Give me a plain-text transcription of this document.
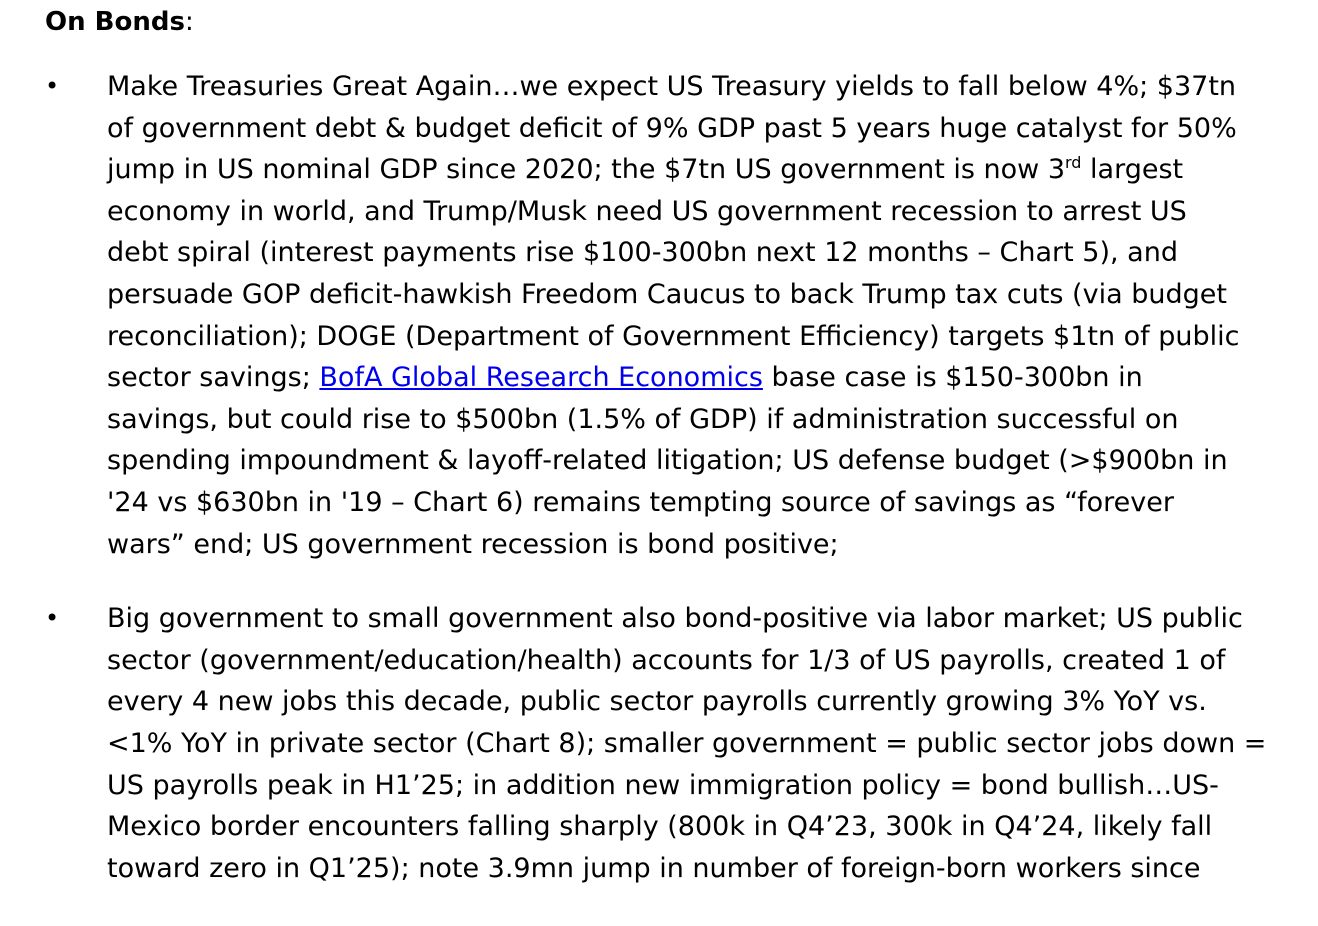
On Bonds:
• Make Treasuries Great Again…we expect US Treasury yields to fall below 4%; $37tn
of government debt & budget deficit of 9% GDP past 5 years huge catalyst for 50%
jump in US nominal GDP since 2020; the $7tn US government is now 3rd largest
economy in world, and Trump/Musk need US government recession to arrest US
debt spiral (interest payments rise $100-300bn next 12 months – Chart 5), and
persuade GOP deficit-hawkish Freedom Caucus to back Trump tax cuts (via budget
reconciliation); DOGE (Department of Government Efficiency) targets $1tn of public
sector savings; BofA Global Research Economics base case is $150-300bn in
savings, but could rise to $500bn (1.5% of GDP) if administration successful on
spending impoundment & layoff-related litigation; US defense budget (>$900bn in
'24 vs $630bn in '19 – Chart 6) remains tempting source of savings as “forever
wars” end; US government recession is bond positive;
• Big government to small government also bond-positive via labor market; US public
sector (government/education/health) accounts for 1/3 of US payrolls, created 1 of
every 4 new jobs this decade, public sector payrolls currently growing 3% YoY vs.
<1% YoY in private sector (Chart 8); smaller government = public sector jobs down =
US payrolls peak in H1’25; in addition new immigration policy = bond bullish…US-
Mexico border encounters falling sharply (800k in Q4’23, 300k in Q4’24, likely fall
toward zero in Q1’25); note 3.9mn jump in number of foreign-born workers since
